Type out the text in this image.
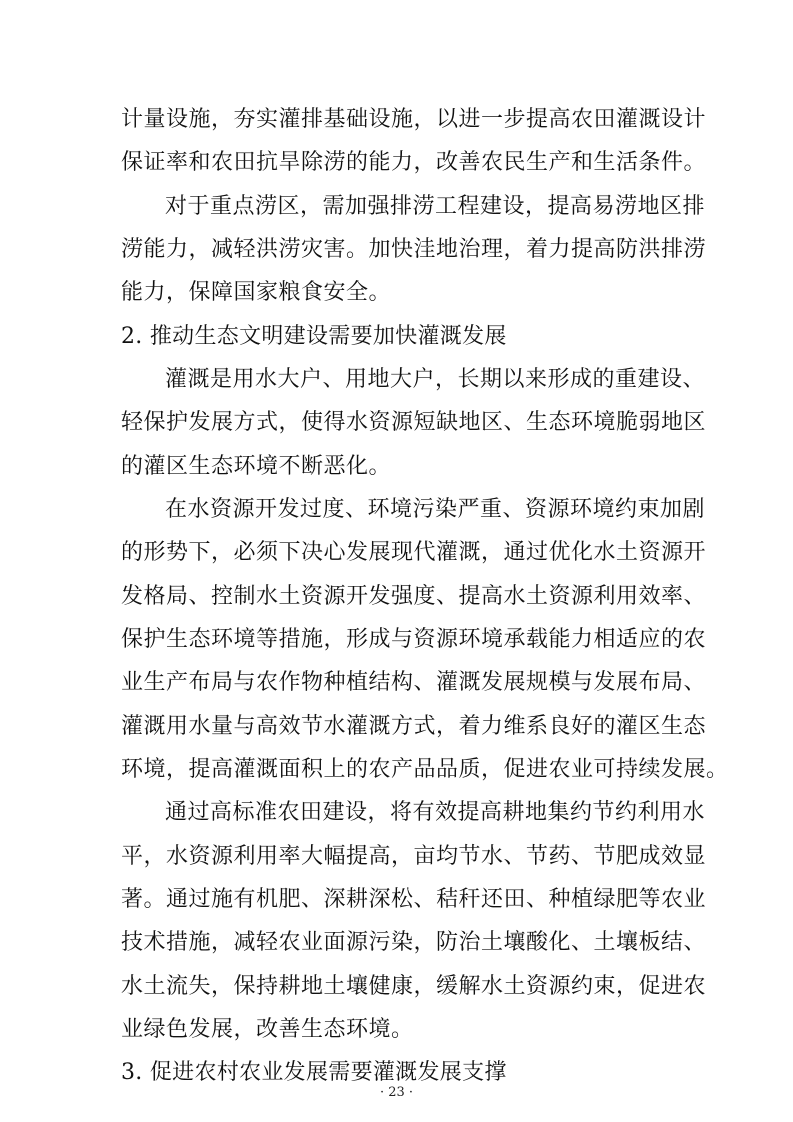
计量设施，夯实灌排基础设施，以进一步提高农田灌溉设计
保证率和农田抗旱除涝的能力，改善农民生产和生活条件。
对于重点涝区，需加强排涝工程建设，提高易涝地区排
涝能力，减轻洪涝灾害。加快洼地治理，着力提高防洪排涝
能力，保障国家粮食安全。
2. 推动生态文明建设需要加快灌溉发展
灌溉是用水大户、用地大户，长期以来形成的重建设、
轻保护发展方式，使得水资源短缺地区、生态环境脆弱地区
的灌区生态环境不断恶化。
在水资源开发过度、环境污染严重、资源环境约束加剧
的形势下，必须下决心发展现代灌溉，通过优化水土资源开
发格局、控制水土资源开发强度、提高水土资源利用效率、
保护生态环境等措施，形成与资源环境承载能力相适应的农
业生产布局与农作物种植结构、灌溉发展规模与发展布局、
灌溉用水量与高效节水灌溉方式，着力维系良好的灌区生态
环境，提高灌溉面积上的农产品品质，促进农业可持续发展。
通过高标准农田建设，将有效提高耕地集约节约利用水
平，水资源利用率大幅提高，亩均节水、节药、节肥成效显
著。通过施有机肥、深耕深松、秸秆还田、种植绿肥等农业
技术措施，减轻农业面源污染，防治土壤酸化、土壤板结、
水土流失，保持耕地土壤健康，缓解水土资源约束，促进农
业绿色发展，改善生态环境。
3. 促进农村农业发展需要灌溉发展支撑
· 23 ·
